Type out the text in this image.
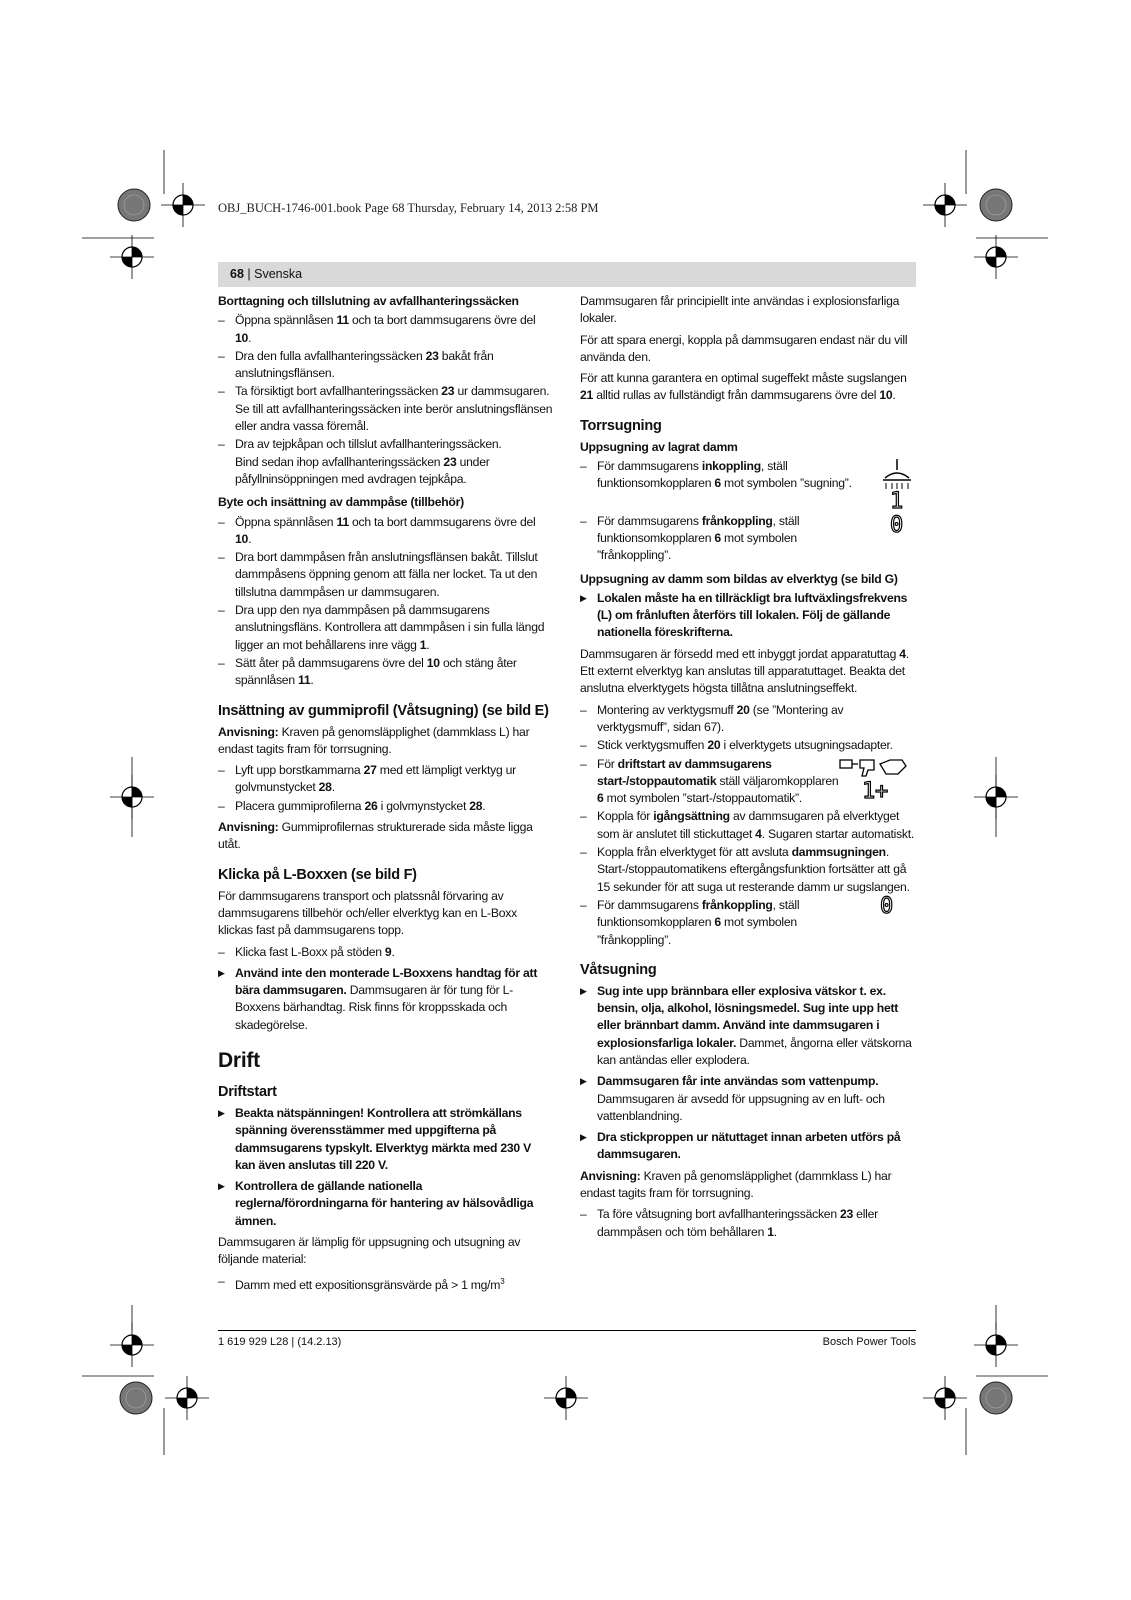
OBJ_BUCH-1746-001.book Page 68 Thursday, February 14, 2013 2:58 PM
68 | Svenska
Borttagning och tillslutning av avfallhanteringssäcken
– Öppna spännlåsen 11 och ta bort dammsugarens övre del 10.
– Dra den fulla avfallhanteringssäcken 23 bakåt från anslutningsflänsen.
– Ta försiktigt bort avfallhanteringssäcken 23 ur dammsugaren.
Se till att avfallhanteringssäcken inte berör anslutningsflänsen eller andra vassa föremål.
– Dra av tejpkåpan och tillslut avfallhanteringssäcken.
Bind sedan ihop avfallhanteringssäcken 23 under påfyllninsöppningen med avdragen tejpkåpa.
Byte och insättning av dammpåse (tillbehör)
– Öppna spännlåsen 11 och ta bort dammsugarens övre del 10.
– Dra bort dammpåsen från anslutningsflänsen bakåt. Tillslut dammpåsens öppning genom att fälla ner locket. Ta ut den tillslutna dammpåsen ur dammsugaren.
– Dra upp den nya dammpåsen på dammsugarens anslutningsfläns. Kontrollera att dammpåsen i sin fulla längd ligger an mot behållarens inre vägg 1.
– Sätt åter på dammsugarens övre del 10 och stäng åter spännlåsen 11.
Insättning av gummiprofil (Våtsugning) (se bild E)

Anvisning: Kraven på genomsläpplighet (dammklass L) har endast tagits fram för torrsugning.

– Lyft upp borstkammarna 27 med ett lämpligt verktyg ur golvmunstycket 28.
– Placera gummiprofilerna 26 i golvmynstycket 28.

Anvisning: Gummiprofilernas strukturerade sida måste ligga utåt.

Klicka på L-Boxxen (se bild F)

För dammsugarens transport och platssnål förvaring av dammsugarens tillbehör och/eller elverktyg kan en L-Boxx klickas fast på dammsugarens topp.

– Klicka fast L-Boxx på stöden 9.
▶ Använd inte den monterade L-Boxxens handtag för att bära dammsugaren. Dammsugaren är för tung för L-Boxxens bärhandtag. Risk finns för kroppsskada och skadegörelse.
Drift
Driftstart
▶ Beakta nätspänningen! Kontrollera att strömkällans spänning överensstämmer med uppgifterna på dammsugarens typskylt. Elverktyg märkta med 230 V kan även anslutas till 220 V.
▶ Kontrollera de gällande nationella reglerna/förordningarna för hantering av hälsovådliga ämnen.

Dammsugaren är lämplig för uppsugning och utsugning av följande material:

– Damm med ett expositionsgränsvärde på > 1 $mg/m^3$

Dammsugaren får principiellt inte användas i explosionsfarliga lokaler.

För att spara energi, koppla på dammsugaren endast när du vill använda den.

För att kunna garantera en optimal sugeffekt måste sugslangen 21 alltid rullas av fullständigt från dammsugarens övre del 10.

Torrsugning
Uppsugning av lagrat damm
– För dammsugarens inkoppling, ställ funktionsomkopplaren 6 mot symbolen ”sugning”.
– För dammsugarens frånkoppling, ställ funktionsomkopplaren 6 mot symbolen ”frånkoppling”.
1
0
Uppsugning av damm som bildas av elverktyg (se bild G)
▶ Lokalen måste ha en tillräckligt bra luftväxlingsfrekvens (L) om frånluften återförs till lokalen. Följ de gällande nationella föreskrifterna.

Dammsugaren är försedd med ett inbyggt jordat apparatuttag 4. Ett externt elverktyg kan anslutas till apparatuttaget. Beakta det anslutna elverktygets högsta tillåtna anslutningseffekt.

– Montering av verktygsmuff 20 (se ”Montering av verktygsmuff”, sidan 67).
– Stick verktygsmuffen 20 i elverktygets utsugningsadapter.
– För driftstart av dammsugarens start-/stoppautomatik ställ väljaromkopplaren 6 mot symbolen ”start-/stoppautomatik”.	1+
– Koppla för igångsättning av dammsugaren på elverktyget som är anslutet till stickuttaget 4. Sugaren startar automatiskt.
– Koppla från elverktyget för att avsluta dammsugningen. Start-/stoppautomatikens eftergångsfunktion fortsätter att gå 15 sekunder för att suga ut resterande damm ur sugslangen.
– För dammsugarens frånkoppling, ställ funktionsomkopplaren 6 mot symbolen ”frånkoppling”.
0
Våtsugning
▶ Sug inte upp brännbara eller explosiva vätskor t. ex. bensin, olja, alkohol, lösningsmedel. Sug inte upp hett eller brännbart damm. Använd inte dammsugaren i explosionsfarliga lokaler. Dammet, ångorna eller vätskorna kan antändas eller explodera.
▶ Dammsugaren får inte användas som vattenpump. Dammsugaren är avsedd för uppsugning av en luft- och vattenblandning.
▶ Dra stickproppen ur nätuttaget innan arbeten utförs på dammsugaren.

Anvisning: Kraven på genomsläpplighet (dammklass L) har endast tagits fram för torrsugning.

– Ta före våtsugning bort avfallhanteringssäcken 23 eller dammpåsen och töm behållaren 1.
1 619 929 L28 | (14.2.13)	Bosch Power Tools
